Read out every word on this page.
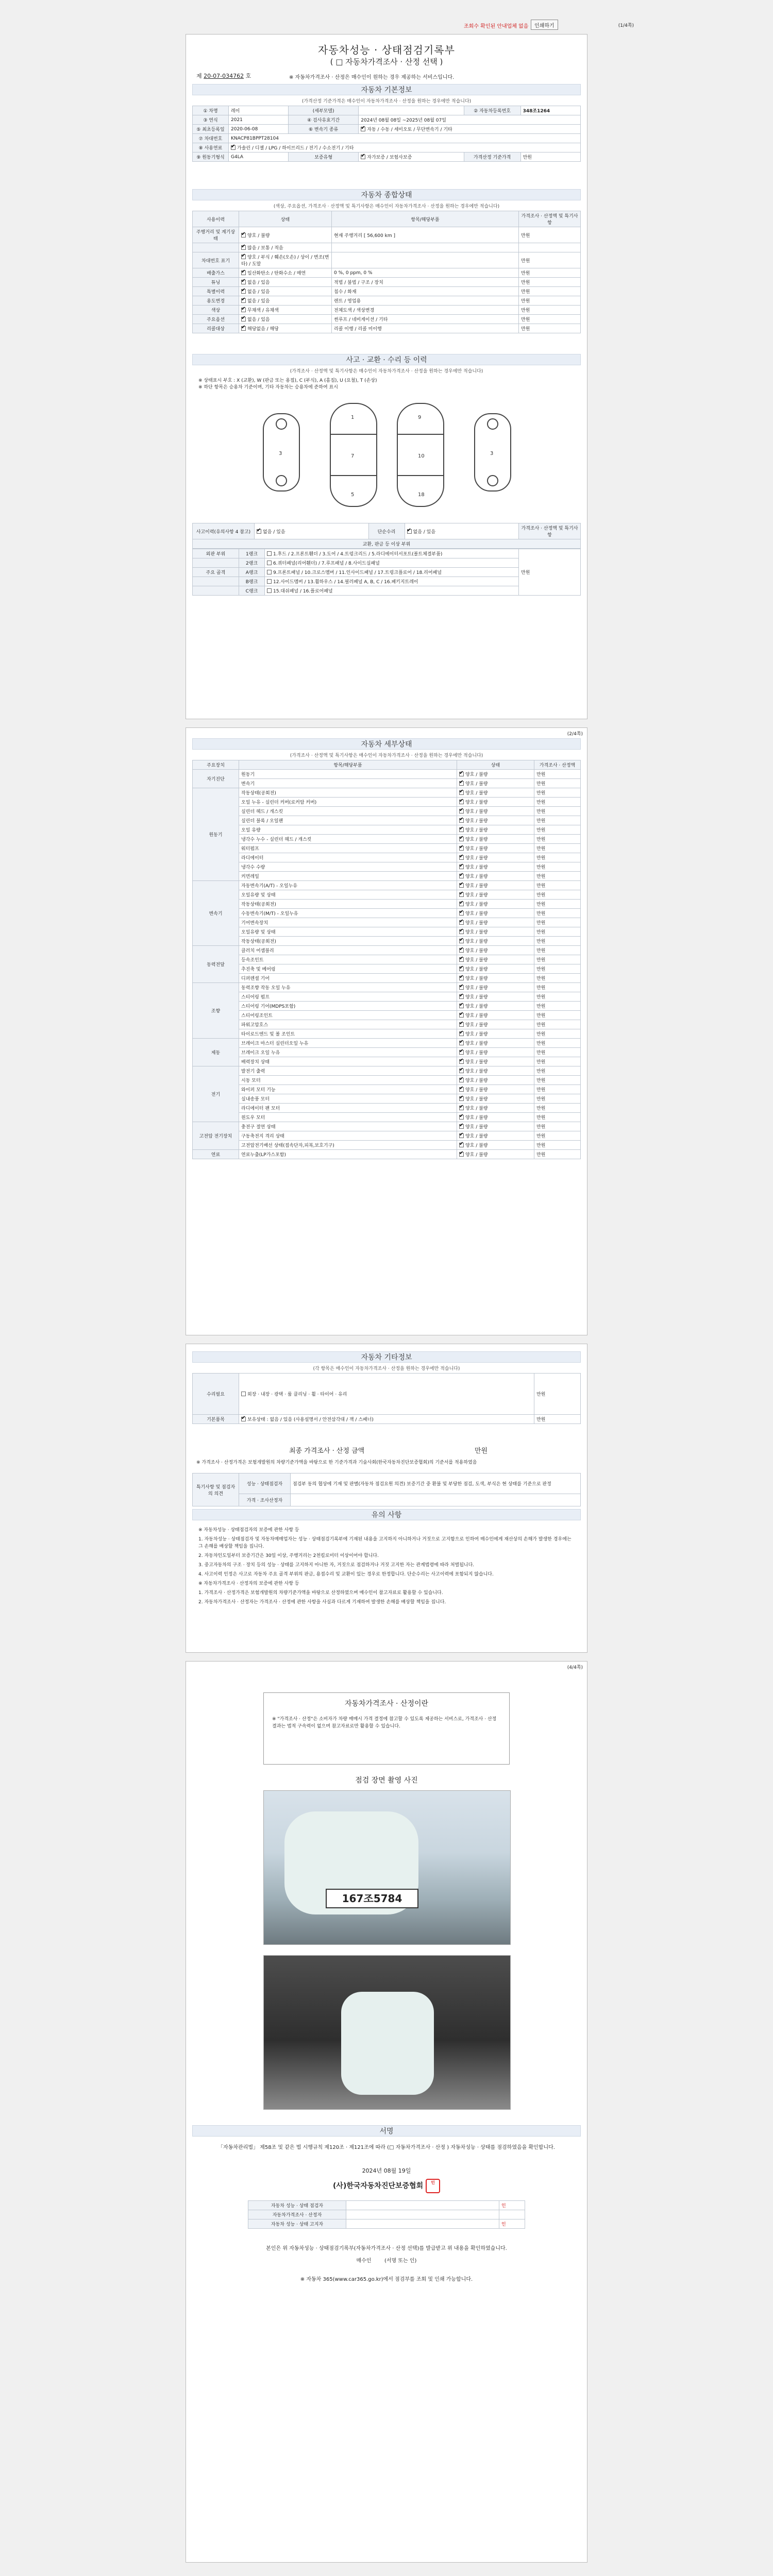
조회수 확인된 안내업체 없음	인쇄하기	(1/4쪽)
자동차성능 · 상태점검기록부
( □ 자동차가격조사 · 산정 선택 )
제 20-07-034762 호	※ 자동차가격조사 · 산정은 매수인이 원하는 경우 제공하는 서비스입니다.
자동차 기본정보
(가격산정 기준가격은 매수인이 자동차가격조사 · 산정을 원하는 경우에만 적습니다)
① 차명	레이	(세부모델)		② 자동차등록번호	348조1264
③ 연식	2021	④ 검사유효기간	2024년 08월 08일 ~2025년 08월 07일		
⑤ 최초등록일	2020-06-08	⑥ 변속기 종류	✔자동 / 수동 / 세미오토 / 무단변속기 / 기타
⑦ 차대번호	KNACP81BPPT28104				
⑧ 사용연료	✔가솔린 / 디젤 / LPG / 하이브리드 / 전기 / 수소전기 / 기타
⑨ 원동기형식	G4LA	보증유형	✔자가보증 / 보험사보증	가격산정 기준가격	만원
자동차 종합상태
(색상, 주요옵션, 가격조사 · 산정액 및 특기사항은 매수인이 자동차가격조사 · 산정을 원하는 경우에만 적습니다)
사용이력	상태	항목/해당부품	가격조사 · 산정액 및 특기사항
주행거리 및 계기상태	✔양호 / 불량	현재 주행거리 [ 56,600 km ]	만원
	✔많음 / 보통 / 적음		
차대번호 표기	✔양호 / 부식 / 훼손(오손) / 상이 / 변조(변타) / 도말		만원
배출가스	✔일산화탄소 / 탄화수소 / 매연	0 %, 0 ppm, 0 %	만원
튜닝	✔없음 / 있음	적법 / 불법 / 구조 / 장치	만원
특별이력	✔없음 / 있음	침수 / 화재	만원
용도변경	✔없음 / 있음	렌트 / 영업용	만원
색상	✔무채색 / 유채색	전체도색 / 색상변경	만원
주요옵션	✔없음 / 있음	썬루프 / 네비게이션 / 기타	만원
리콜대상	✔해당없음 / 해당	리콜 이행 / 리콜 미이행	만원
사고 · 교환 · 수리 등 이력
(가격조사 · 산정액 및 특기사항은 매수인이 자동차가격조사 · 산정을 원하는 경우에만 적습니다)
※ 상태표시 부호 : X (교환), W (판금 또는 용접), C (부식), A (흠집), U (요철), T (손상)
※ 하단 항목은 승용차 기준이며, 기타 자동차는 승용차에 준하여 표시
3
1
7
5
9
10
18
3
사고이력(유의사항 4 참고)	✔없음 / 있음	단순수리	✔없음 / 있음	가격조사 · 산정액 및 특기사항
교환, 판금 등 이상 부위
외판 부위	1랭크	1.후드 / 2.프론트휀더 / 3.도어 / 4.트렁크리드 / 5.라디에이터서포트(볼트체결부품)	만원
	2랭크	6.쿼터패널(리어휀더) / 7.루프패널 / 8.사이드실패널	
주요 골격	A랭크	9.프론트패널 / 10.크로스멤버 / 11.인사이드패널 / 17.트렁크플로어 / 18.리어패널	
	B랭크	12.사이드멤버 / 13.휠하우스 / 14.필러패널 A, B, C / 16.패키지트레이	
	C랭크	15.대쉬패널 / 16.플로어패널	
(2/4쪽)
자동차 세부상태
(가격조사 · 산정액 및 특기사항은 매수인이 자동차가격조사 · 산정을 원하는 경우에만 적습니다)
주요장치	항목/해당부품	상태	가격조사 · 산정액
자기진단	원동기	✔양호 / 불량	만원
	변속기	✔양호 / 불량	만원
원동기	작동상태(공회전)	✔양호 / 불량	만원
	오일 누유 - 실린더 커버(로커암 커버)	✔양호 / 불량	만원
	실린더 헤드 / 개스킷	✔양호 / 불량	만원
	실린더 블록 / 오일팬	✔양호 / 불량	만원
	오일 유량	✔양호 / 불량	만원
	냉각수 누수 - 실린더 헤드 / 개스킷	✔양호 / 불량	만원
	워터펌프	✔양호 / 불량	만원
	라디에이터	✔양호 / 불량	만원
	냉각수 수량	✔양호 / 불량	만원
	커먼레일	✔양호 / 불량	만원
변속기	자동변속기(A/T) - 오일누유	✔양호 / 불량	만원
	오일유량 및 상태	✔양호 / 불량	만원
	작동상태(공회전)	✔양호 / 불량	만원
	수동변속기(M/T) - 오일누유	✔양호 / 불량	만원
	기어변속장치	✔양호 / 불량	만원
	오일유량 및 상태	✔양호 / 불량	만원
	작동상태(공회전)	✔양호 / 불량	만원
동력전달	클러치 어셈블리	✔양호 / 불량	만원
	등속조인트	✔양호 / 불량	만원
	추진축 및 베어링	✔양호 / 불량	만원
	디퍼렌셜 기어	✔양호 / 불량	만원
조향	동력조향 작동 오일 누유	✔양호 / 불량	만원
	스티어링 펌프	✔양호 / 불량	만원
	스티어링 기어(MDPS포함)	✔양호 / 불량	만원
	스티어링조인트	✔양호 / 불량	만원
	파워고압호스	✔양호 / 불량	만원
	타이로드엔드 및 볼 조인트	✔양호 / 불량	만원
제동	브레이크 마스터 실린더오일 누유	✔양호 / 불량	만원
	브레이크 오일 누유	✔양호 / 불량	만원
	배력장치 상태	✔양호 / 불량	만원
전기	발전기 출력	✔양호 / 불량	만원
	시동 모터	✔양호 / 불량	만원
	와이퍼 모터 기능	✔양호 / 불량	만원
	실내송풍 모터	✔양호 / 불량	만원
	라디에이터 팬 모터	✔양호 / 불량	만원
	윈도우 모터	✔양호 / 불량	만원
고전압 전기장치	충전구 절연 상태	✔양호 / 불량	만원
	구동축전지 격리 상태	✔양호 / 불량	만원
	고전압전기배선 상태(접속단자,피복,보호기구)	✔양호 / 불량	만원
연료	연료누출(LP가스포함)	✔양호 / 불량	만원
자동차 기타정보
(각 항목은 매수인이 자동차가격조사 · 산정을 원하는 경우에만 적습니다)
수리필요	외장 · 내장 · 광택 · 룸 클리닝 · 휠 · 타이어 · 유리	만원
기본품목	✔보유상태 : 없음 / 있음 (사용설명서 / 안전삼각대 / 잭 / 스패너)	만원
최종 가격조사 · 산정 금액	만원
※ 가격조사 · 산정가격은 보험개발원의 차량기준가액을 바탕으로 한 기준가격과 기술사회(한국자동차진단보증협회)의 기준서를 적용하였음
특기사항 및 점검자의 의견	성능 · 상태점검자	점검부 동의 협상에 기재 및 판별(자동차 점검요원 의견) 보증기간 중 환불 및 부당한 점검, 도색, 부식은 현 상태를 기준으로 판정
	가격 · 조사산정자	
유의 사항

※ 자동차성능 · 상태점검자의 보증에 관한 사항 등

1. 자동차성능 · 상태점검자 및 자동차매매업자는 성능 · 상태점검기록부에 기재된 내용을 고지하지 아니하거나 거짓으로 고지함으로 인하여 매수인에게 재산상의 손해가 발생한 경우에는 그 손해를 배상할 책임을 집니다.

2. 자동차인도일부터 보증기간은 30일 이상, 주행거리는 2천킬로미터 이상이어야 합니다.

3. 중고자동차의 구조 · 장치 등의 성능 · 상태를 고지하지 아니한 자, 거짓으로 점검하거나 거짓 고지한 자는 관계법령에 따라 처벌됩니다.

4. 사고이력 인정은 사고로 자동차 주요 골격 부위의 판금, 용접수리 및 교환이 있는 경우로 한정합니다. 단순수리는 사고이력에 포함되지 않습니다.

※ 자동차가격조사 · 산정자의 보증에 관한 사항 등

1. 가격조사 · 산정가격은 보험개발원의 차량기준가액을 바탕으로 산정하였으며 매수인이 참고자료로 활용할 수 있습니다.

2. 자동차가격조사 · 산정자는 가격조사 · 산정에 관한 사항을 사실과 다르게 기재하여 발생한 손해를 배상할 책임을 집니다.

(4/4쪽)
자동차가격조사 · 산정이란
※ "가격조사 · 산정"은 소비자가 차량 매매시 가격 결정에 참고할 수 있도록 제공하는 서비스로, 가격조사 · 산정 결과는 법적 구속력이 없으며 참고자료로만 활용할 수 있습니다.
점검 장면 촬영 사진
167조5784
서명
「자동차관리법」 제58조 및 같은 법 시행규칙 제120조 · 제121조에 따라 (□ 자동차가격조사 · 산정 ) 자동차성능 · 상태를 점검하였음을 확인합니다.
2024년 08월 19일
(사)한국자동차진단보증협회 인
자동차 성능 · 상태 점검자		인
자동차가격조사 · 산정자		
자동차 성능 · 상태 고지자		인
본인은 위 자동차성능 · 상태점검기록부(자동차가격조사 · 산정 선택)를 발급받고 위 내용을 확인하였습니다.
매수인	(서명 또는 인)
※ 자동차 365(www.car365.go.kr)에서 점검부를 조회 및 인쇄 가능합니다.
